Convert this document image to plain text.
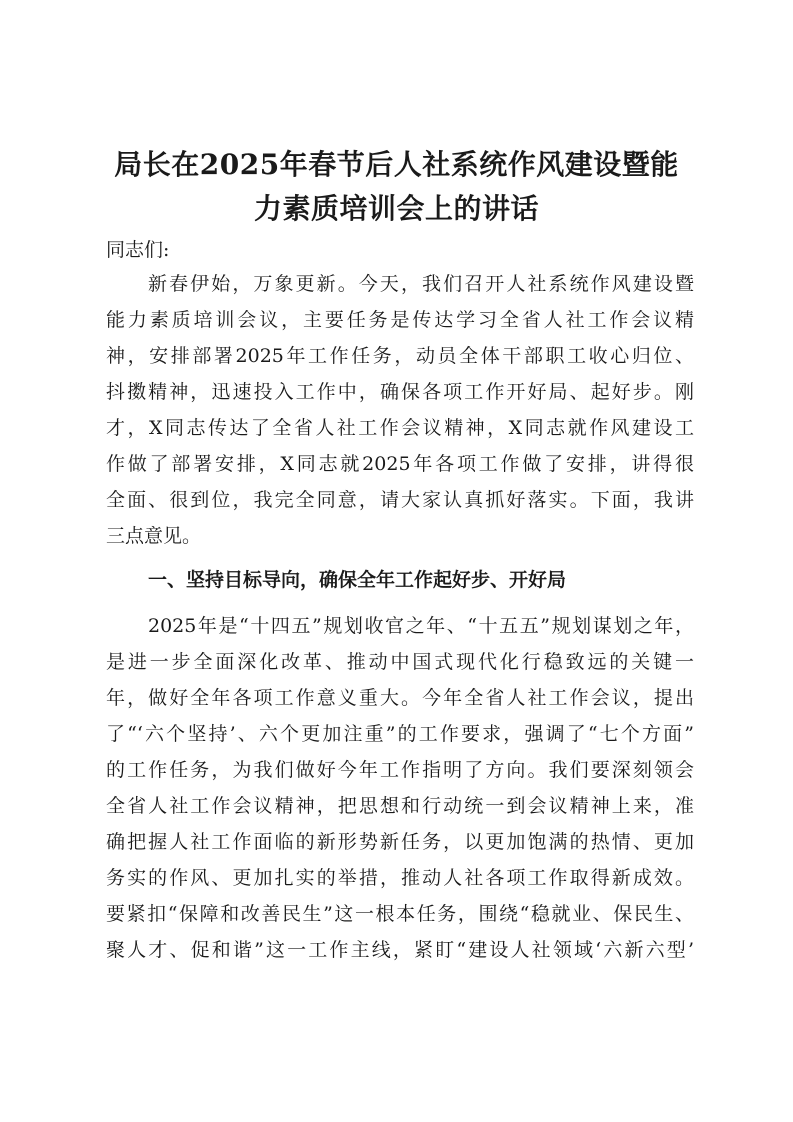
局长在2025年春节后人社系统作风建设暨能
力素质培训会上的讲话
同志们:
新春伊始，万象更新。今天，我们召开人社系统作风建设暨
能力素质培训会议，主要任务是传达学习全省人社工作会议精
神，安排部署2025年工作任务，动员全体干部职工收心归位、
抖擞精神，迅速投入工作中，确保各项工作开好局、起好步。刚
才，X同志传达了全省人社工作会议精神，X同志就作风建设工
作做了部署安排，X同志就2025年各项工作做了安排，讲得很
全面、很到位，我完全同意，请大家认真抓好落实。下面，我讲
三点意见。
一、坚持目标导向，确保全年工作起好步、开好局
2025年是“十四五”规划收官之年、“十五五”规划谋划之年，
是进一步全面深化改革、推动中国式现代化行稳致远的关键一
年，做好全年各项工作意义重大。今年全省人社工作会议，提出
了“‘六个坚持’、六个更加注重”的工作要求，强调了“七个方面”
的工作任务，为我们做好今年工作指明了方向。我们要深刻领会
全省人社工作会议精神，把思想和行动统一到会议精神上来，准
确把握人社工作面临的新形势新任务，以更加饱满的热情、更加
务实的作风、更加扎实的举措，推动人社各项工作取得新成效。
要紧扣“保障和改善民生”这一根本任务，围绕“稳就业、保民生、
聚人才、促和谐”这一工作主线，紧盯“建设人社领域‘六新六型’
